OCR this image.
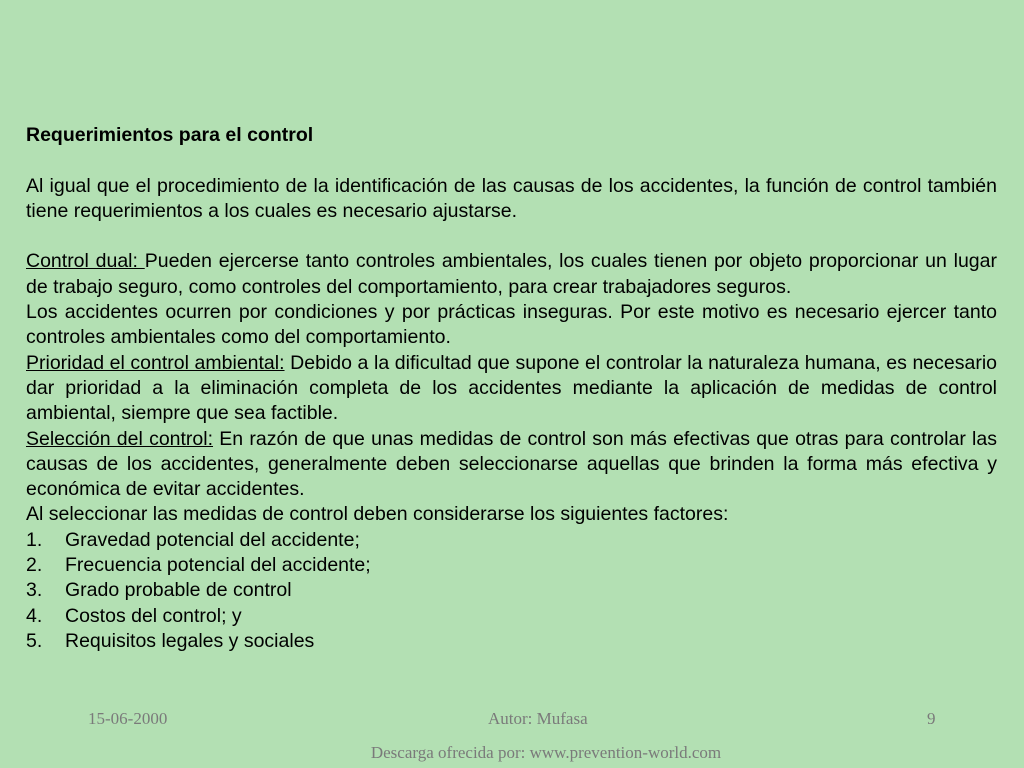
Requerimientos para el control

Al igual que el procedimiento de la identificación de las causas de los accidentes, la función de control también tiene requerimientos a los cuales es necesario ajustarse.

Control dual: Pueden ejercerse tanto controles ambientales, los cuales tienen por objeto proporcionar un lugar de trabajo seguro, como controles del comportamiento, para crear trabajadores seguros.

Los accidentes ocurren por condiciones y por prácticas inseguras. Por este motivo es necesario ejercer tanto controles ambientales como del comportamiento.

Prioridad el control ambiental: Debido a la dificultad que supone el controlar la naturaleza humana, es necesario dar prioridad a la eliminación completa de los accidentes mediante la aplicación de medidas de control ambiental, siempre que sea factible.

Selección del control: En razón de que unas medidas de control son más efectivas que otras para controlar las causas de los accidentes, generalmente deben seleccionarse aquellas que brinden la forma más efectiva y económica de evitar accidentes.

Al seleccionar las medidas de control deben considerarse los siguientes factores:

1.	Gravedad potencial del accidente;
2.	Frecuencia potencial del accidente;
3.	Grado probable de control
4.	Costos del control; y
5.	Requisitos legales y sociales
15-06-2000	Autor: Mufasa	9
Descarga ofrecida por: www.prevention-world.com
